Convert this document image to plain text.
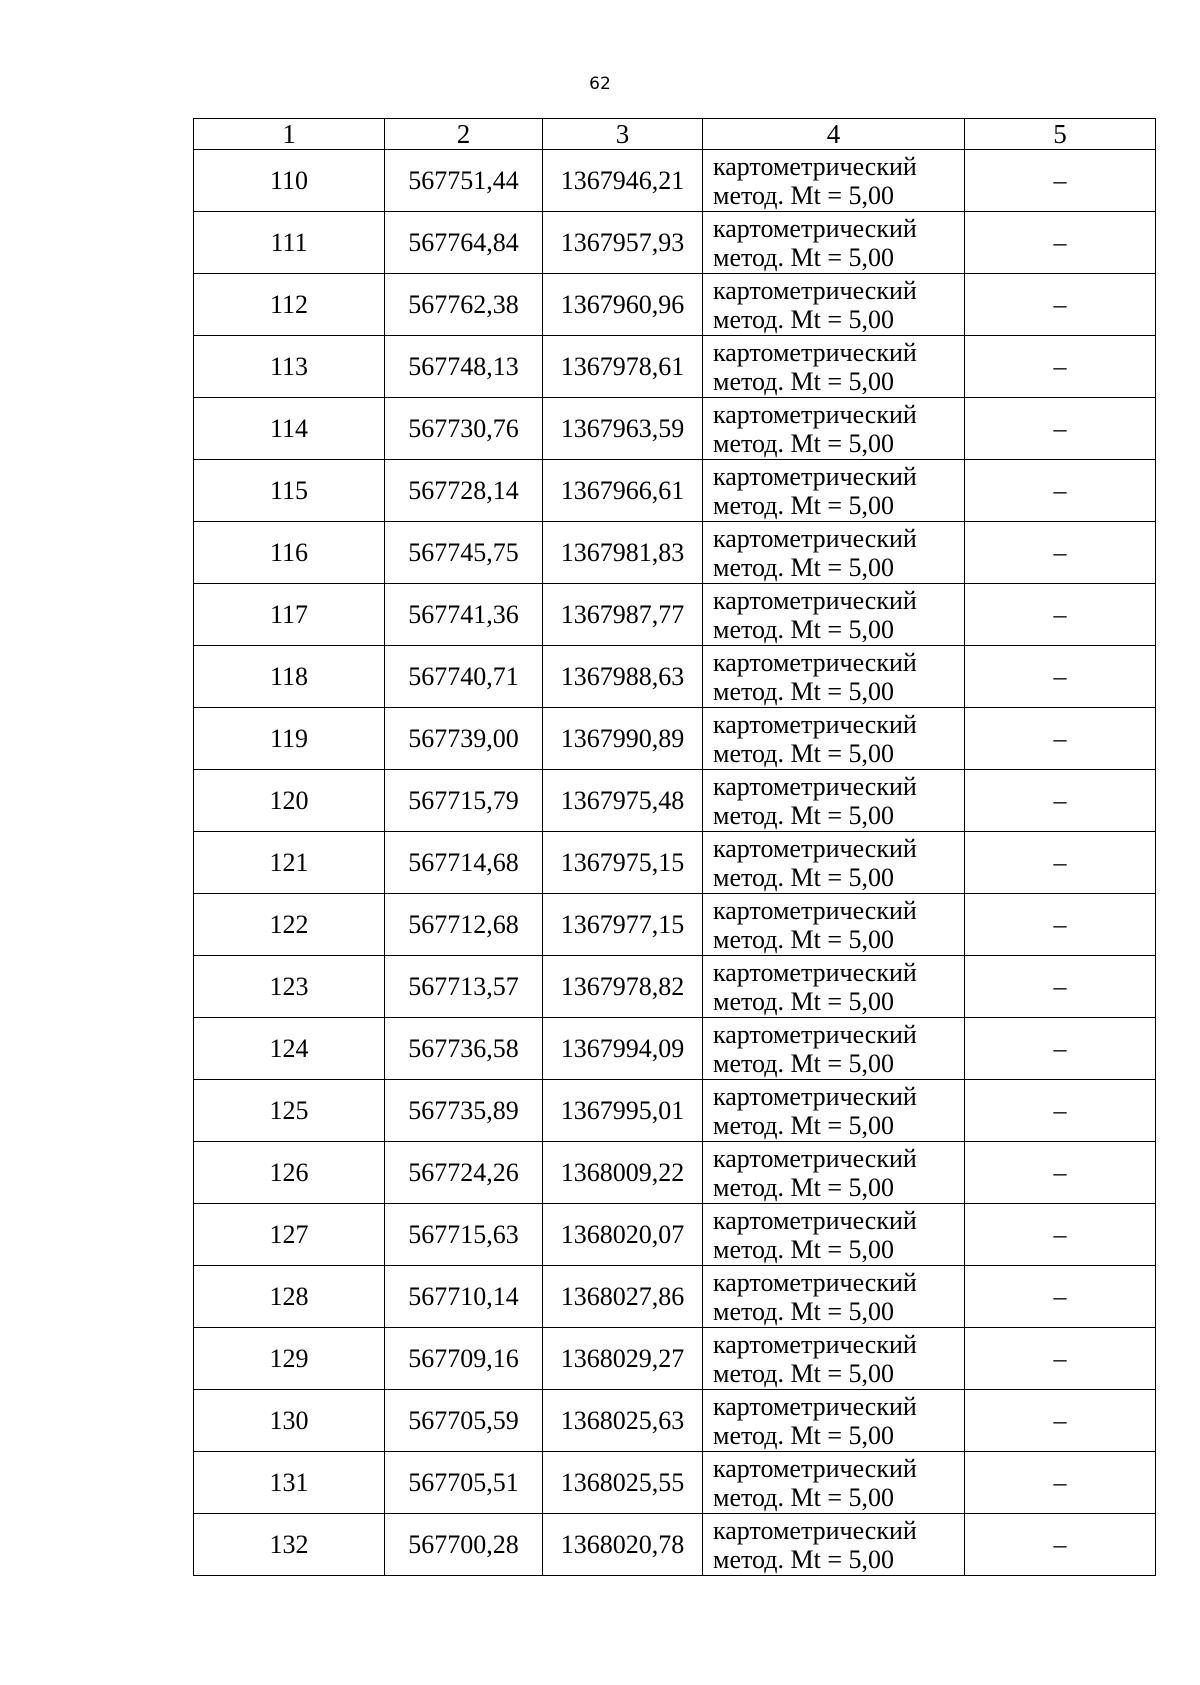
62
1	2	3	4	5
110	567751,44	1367946,21	картометрический
метод. Mt = 5,00	–
111	567764,84	1367957,93	картометрический
метод. Mt = 5,00	–
112	567762,38	1367960,96	картометрический
метод. Mt = 5,00	–
113	567748,13	1367978,61	картометрический
метод. Mt = 5,00	–
114	567730,76	1367963,59	картометрический
метод. Mt = 5,00	–
115	567728,14	1367966,61	картометрический
метод. Mt = 5,00	–
116	567745,75	1367981,83	картометрический
метод. Mt = 5,00	–
117	567741,36	1367987,77	картометрический
метод. Mt = 5,00	–
118	567740,71	1367988,63	картометрический
метод. Mt = 5,00	–
119	567739,00	1367990,89	картометрический
метод. Mt = 5,00	–
120	567715,79	1367975,48	картометрический
метод. Mt = 5,00	–
121	567714,68	1367975,15	картометрический
метод. Mt = 5,00	–
122	567712,68	1367977,15	картометрический
метод. Mt = 5,00	–
123	567713,57	1367978,82	картометрический
метод. Mt = 5,00	–
124	567736,58	1367994,09	картометрический
метод. Mt = 5,00	–
125	567735,89	1367995,01	картометрический
метод. Mt = 5,00	–
126	567724,26	1368009,22	картометрический
метод. Mt = 5,00	–
127	567715,63	1368020,07	картометрический
метод. Mt = 5,00	–
128	567710,14	1368027,86	картометрический
метод. Mt = 5,00	–
129	567709,16	1368029,27	картометрический
метод. Mt = 5,00	–
130	567705,59	1368025,63	картометрический
метод. Mt = 5,00	–
131	567705,51	1368025,55	картометрический
метод. Mt = 5,00	–
132	567700,28	1368020,78	картометрический
метод. Mt = 5,00	–
